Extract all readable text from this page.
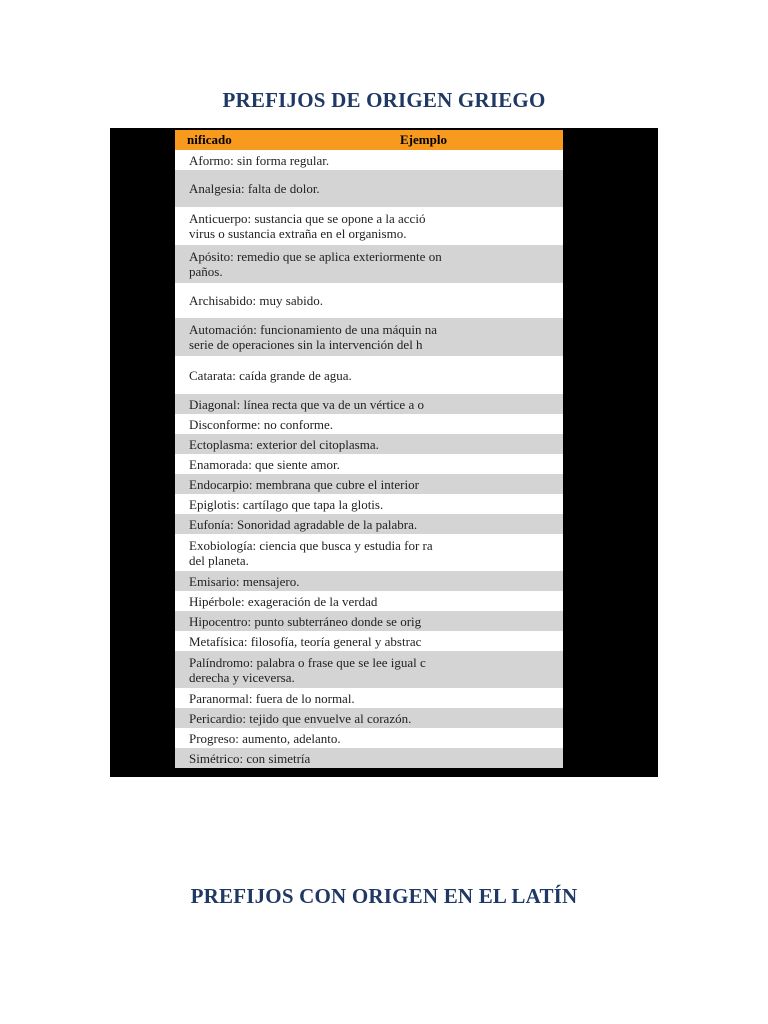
PREFIJOS DE ORIGEN GRIEGO
nificado	Ejemplo
Aformo: sin forma regular.
Analgesia: falta de dolor.
Anticuerpo: sustancia que se opone a la acció
virus o sustancia extraña en el organismo.
Apósito: remedio que se aplica exteriormente on
paños.
Archisabido: muy sabido.
Automación: funcionamiento de una máquin na
serie de operaciones sin la intervención del h
Catarata: caída grande de agua.
Diagonal: línea recta que va de un vértice a o
Disconforme: no conforme.
Ectoplasma: exterior del citoplasma.
Enamorada: que siente amor.
Endocarpio: membrana que cubre el interior
Epiglotis: cartílago que tapa la glotis.
Eufonía: Sonoridad agradable de la palabra.
Exobiología: ciencia que busca y estudia for ra
del planeta.
Emisario: mensajero.
Hipérbole: exageración de la verdad
Hipocentro: punto subterráneo donde se orig
Metafísica: filosofía, teoría general y abstrac
Palíndromo: palabra o frase que se lee igual c
derecha y viceversa.
Paranormal: fuera de lo normal.
Pericardio: tejido que envuelve al corazón.
Progreso: aumento, adelanto.
Simétrico: con simetría
PREFIJOS CON ORIGEN EN EL LATÍN
